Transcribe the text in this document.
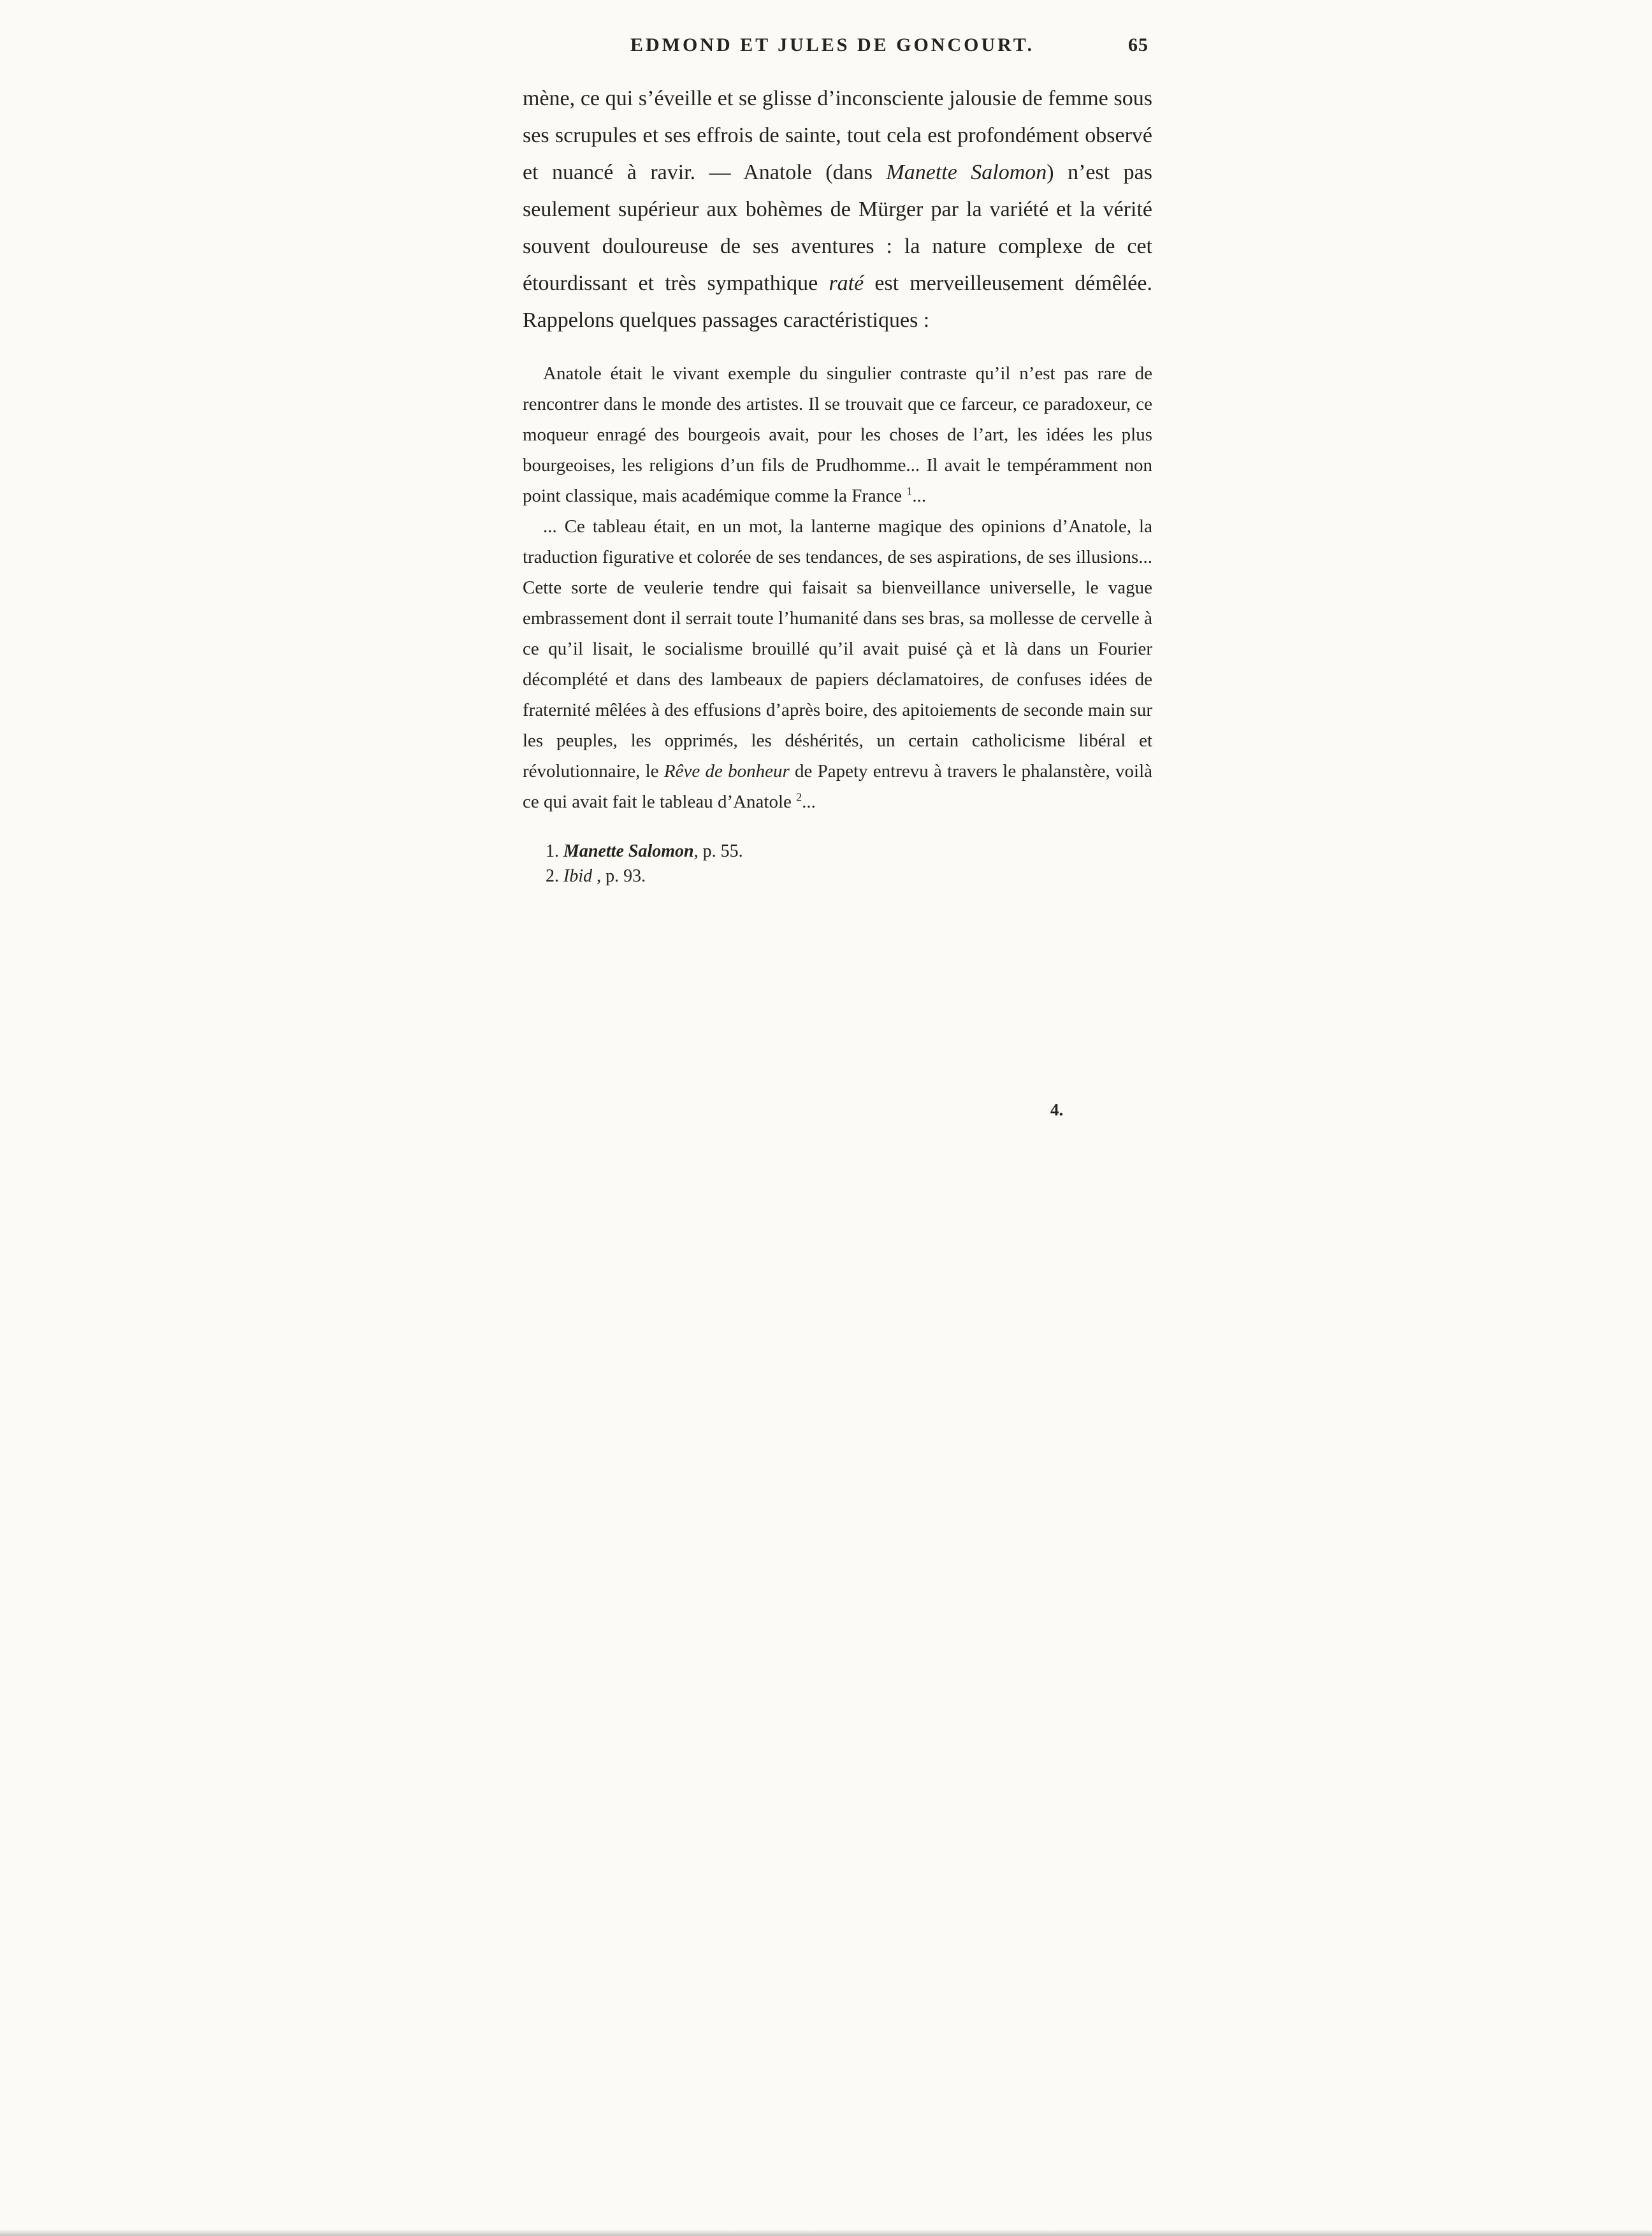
EDMOND ET JULES DE GONCOURT.	65

mène, ce qui s’éveille et se glisse d’inconsciente jalousie de femme sous ses scrupules et ses effrois de sainte, tout cela est profondément observé et nuancé à ravir. — Anatole (dans Manette Salomon) n’est pas seulement supérieur aux bohèmes de Mürger par la variété et la vérité souvent douloureuse de ses aventures : la nature complexe de cet étourdissant et très sympathique raté est merveilleusement démêlée. Rappelons quelques passages caractéristiques :

Anatole était le vivant exemple du singulier contraste qu’il n’est pas rare de rencontrer dans le monde des artistes. Il se trouvait que ce farceur, ce paradoxeur, ce moqueur enragé des bourgeois avait, pour les choses de l’art, les idées les plus bourgeoises, les religions d’un fils de Prudhomme... Il avait le tempéramment non point classique, mais académique comme la France $^1$...

... Ce tableau était, en un mot, la lanterne magique des opinions d’Anatole, la traduction figurative et colorée de ses tendances, de ses aspirations, de ses illusions... Cette sorte de veulerie tendre qui faisait sa bienveillance universelle, le vague embrassement dont il serrait toute l’humanité dans ses bras, sa mollesse de cervelle à ce qu’il lisait, le socialisme brouillé qu’il avait puisé çà et là dans un Fourier décomplété et dans des lambeaux de papiers déclamatoires, de confuses idées de fraternité mêlées à des effusions d’après boire, des apitoiements de seconde main sur les peuples, les opprimés, les déshérités, un certain catholicisme libéral et révolutionnaire, le Rêve de bonheur de Papety entrevu à travers le phalanstère, voilà ce qui avait fait le tableau d’Anatole $^2$...

1. Manette Salomon, p. 55.

2. Ibid , p. 93.

4.
